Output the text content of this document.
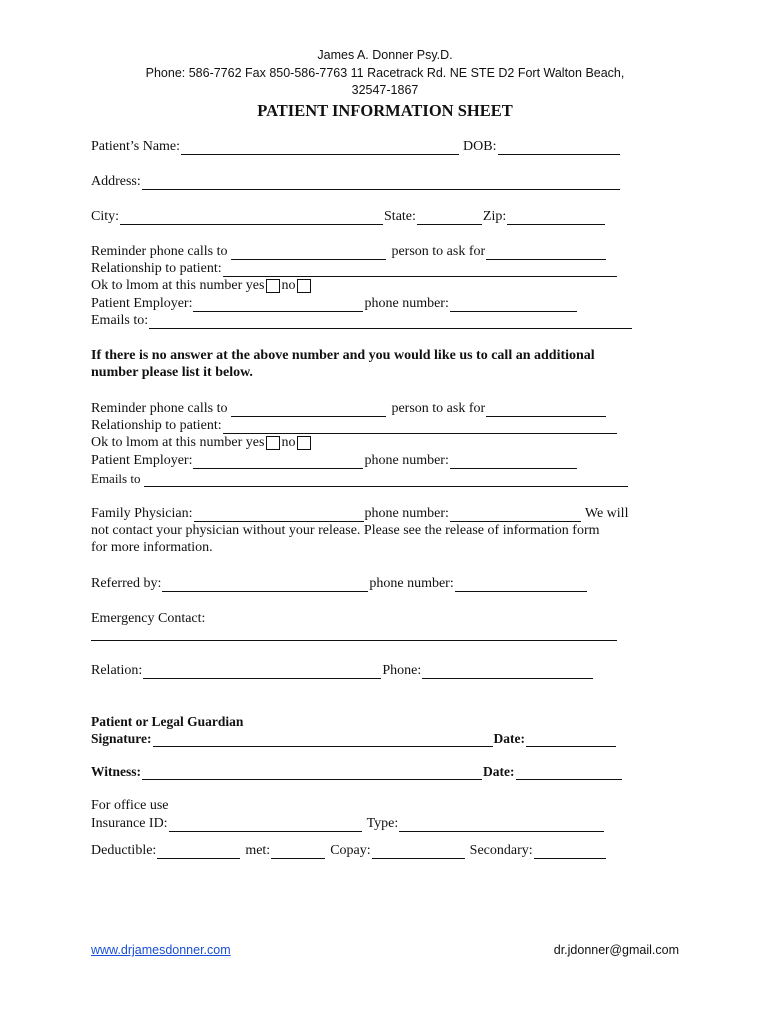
James A. Donner Psy.D.
Phone: 586-7762 Fax 850-586-7763 11 Racetrack Rd. NE STE D2 Fort Walton Beach,
32547-1867
PATIENT INFORMATION SHEET
Patient’s Name:	DOB:
Address:
City:	State:	Zip:
Reminder phone calls to	person to ask for
Relationship to patient:
Ok to lmom at this number yes no
Patient Employer:	phone number:
Emails to:
If there is no answer at the above number and you would like us to call an additional
number please list it below.
Reminder phone calls to	person to ask for
Relationship to patient:
Ok to lmom at this number yes no
Patient Employer:	phone number:
Emails to
Family Physician:	phone number:	We will
not contact your physician without your release. Please see the release of information form
for more information.
Referred by:	phone number:
Emergency Contact:
Relation:	Phone:
Patient or Legal Guardian
Signature:	Date:
Witness:	Date:
For office use
Insurance ID:	Type:
Deductible:	met:	Copay:	Secondary:
www.drjamesdonner.com	dr.jdonner@gmail.com
